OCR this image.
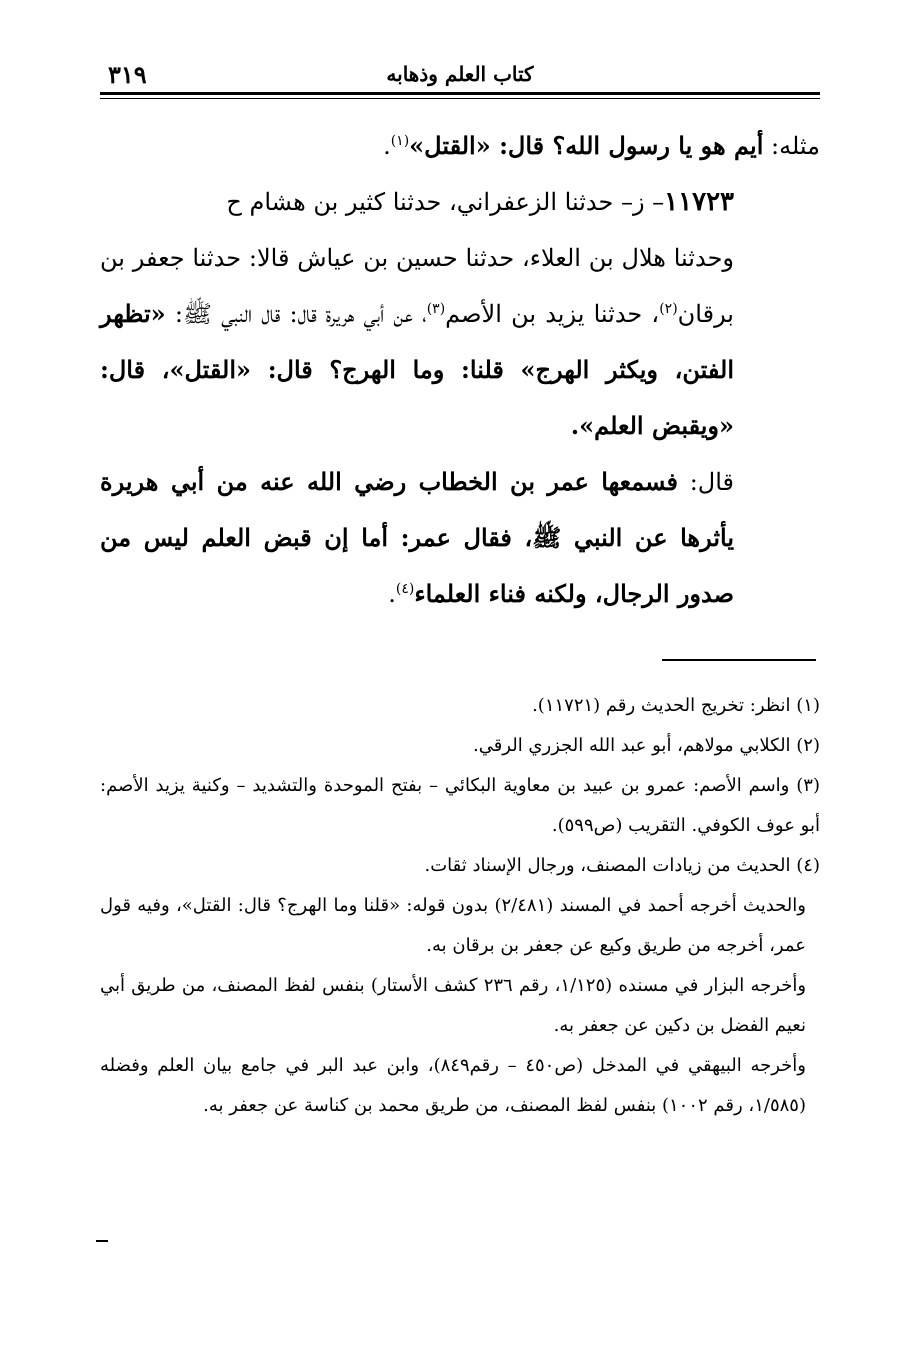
٣١٩	كتاب العلم وذهابه

مثله: أيم هو يا رسول الله؟ قال: «القتل»$^{(١)}$.

١١٧٢٣– ز– حدثنا الزعفراني، حدثنا كثير بن هشام ح

وحدثنا هلال بن العلاء، حدثنا حسين بن عياش قالا: حدثنا جعفر بن برقان$^{(٢)}$، حدثنا يزيد بن الأصم$^{(٣)}$، عن أبي هريرة قال: قال النبي ﷺ: «تظهر الفتن، ويكثر الهرج» قلنا: وما الهرج؟ قال: «القتل»، قال: «ويقبض العلم».

قال: فسمعها عمر بن الخطاب رضي الله عنه من أبي هريرة يأثرها عن النبي ﷺ، فقال عمر: أما إن قبض العلم ليس من صدور الرجال، ولكنه فناء العلماء$^{(٤)}$.

(١) انظر: تخريج الحديث رقم (١١٧٢١).

(٢) الكلابي مولاهم، أبو عبد الله الجزري الرقي.

(٣) واسم الأصم: عمرو بن عبيد بن معاوية البكائي – بفتح الموحدة والتشديد – وكنية يزيد الأصم: أبو عوف الكوفي. التقريب (ص٥٩٩).

(٤) الحديث من زيادات المصنف، ورجال الإسناد ثقات.

والحديث أخرجه أحمد في المسند (٢/٤٨١) بدون قوله: «قلنا وما الهرج؟ قال: القتل»، وفيه قول عمر، أخرجه من طريق وكيع عن جعفر بن برقان به.

وأخرجه البزار في مسنده (١/١٢٥، رقم ٢٣٦ كشف الأستار) بنفس لفظ المصنف، من طريق أبي نعيم الفضل بن دكين عن جعفر به.

وأخرجه البيهقي في المدخل (ص٤٥٠ – رقم٨٤٩)، وابن عبد البر في جامع بيان العلم وفضله (١/٥٨٥، رقم ١٠٠٢) بنفس لفظ المصنف، من طريق محمد بن كناسة عن جعفر به.
